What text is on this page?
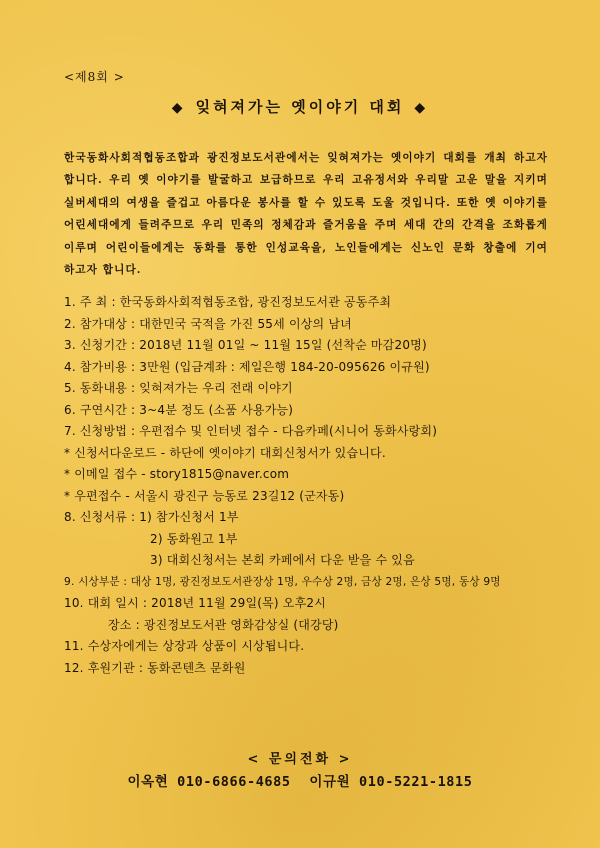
<제8회 >
◆ 잊혀져가는 옛이야기 대회 ◆
한국동화사회적협동조합과 광진정보도서관에서는 잊혀져가는 옛이야기 대회를 개최 하고자 합니다. 우리 옛 이야기를 발굴하고 보급하므로 우리 고유정서와 우리말 고운 말을 지키며 실버세대의 여생을 즐겁고 아름다운 봉사를 할 수 있도록 도울 것입니다. 또한 옛 이야기를 어린세대에게 들려주므로 우리 민족의 정체감과 즐거움을 주며 세대 간의 간격을 조화롭게 이루며 어린이들에게는 동화를 통한 인성교육을, 노인들에게는 신노인 문화 창출에 기여 하고자 합니다.
1. 주 최 : 한국동화사회적협동조합, 광진정보도서관 공동주최
2. 참가대상 : 대한민국 국적을 가진 55세 이상의 남녀
3. 신청기간 : 2018년 11월 01일 ~ 11월 15일 (선착순 마감20명)
4. 참가비용 : 3만원 (입금계좌 : 제일은행 184-20-095626 이규원)
5. 동화내용 : 잊혀져가는 우리 전래 이야기
6. 구연시간 : 3~4분 정도 (소품 사용가능)
7. 신청방법 : 우편접수 및 인터넷 접수 - 다음카페(시니어 동화사랑회)
* 신청서다운로드 - 하단에 옛이야기 대회신청서가 있습니다.
* 이메일 접수 - story1815@naver.com
* 우편접수 - 서울시 광진구 능동로 23길12 (군자동)
8. 신청서류 : 1) 참가신청서 1부
2) 동화원고 1부
3) 대회신청서는 본회 카페에서 다운 받을 수 있음
9. 시상부분 : 대상 1명, 광진정보도서관장상 1명, 우수상 2명, 금상 2명, 은상 5명, 동상 9명
10. 대회 일시 : 2018년 11월 29일(목) 오후2시
장소 : 광진정보도서관 영화감상실 (대강당)
11. 수상자에게는 상장과 상품이 시상됩니다.
12. 후원기관 : 동화콘텐츠 문화원
< 문의전화 >
이옥현 010-6866-4685 이규원 010-5221-1815
